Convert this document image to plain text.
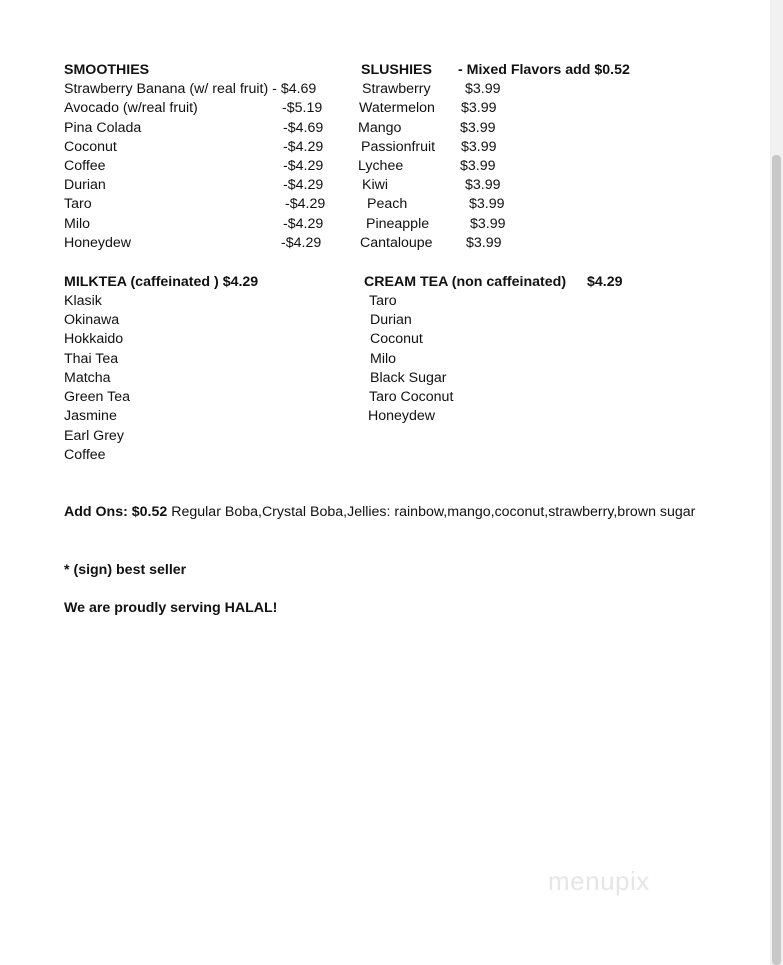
SMOOTHIES
Strawberry Banana (w/ real fruit) - $4.69
Avocado (w/real fruit)	-$5.19
Pina Colada	-$4.69
Coconut	-$4.29
Coffee	-$4.29
Durian	-$4.29
Taro	-$4.29
Milo	-$4.29
Honeydew	-$4.29
SLUSHIES - Mixed Flavors add $0.52
Strawberry $3.99
Watermelon $3.99
Mango	$3.99
Passionfruit $3.99
Lychee	$3.99
Kiwi	$3.99
Peach	$3.99
Pineapple	$3.99
Cantaloupe $3.99
MILKTEA (caffeinated ) $4.29
Klasik
Okinawa
Hokkaido
Thai Tea
Matcha
Green Tea
Jasmine
Earl Grey
Coffee
CREAM TEA (non caffeinated) $4.29
Taro
Durian
Coconut
Milo
Black Sugar
Taro Coconut
Honeydew
Add Ons: $0.52 Regular Boba,Crystal Boba,Jellies: rainbow,mango,coconut,strawberry,brown sugar
* (sign) best seller
We are proudly serving HALAL!
menupix
